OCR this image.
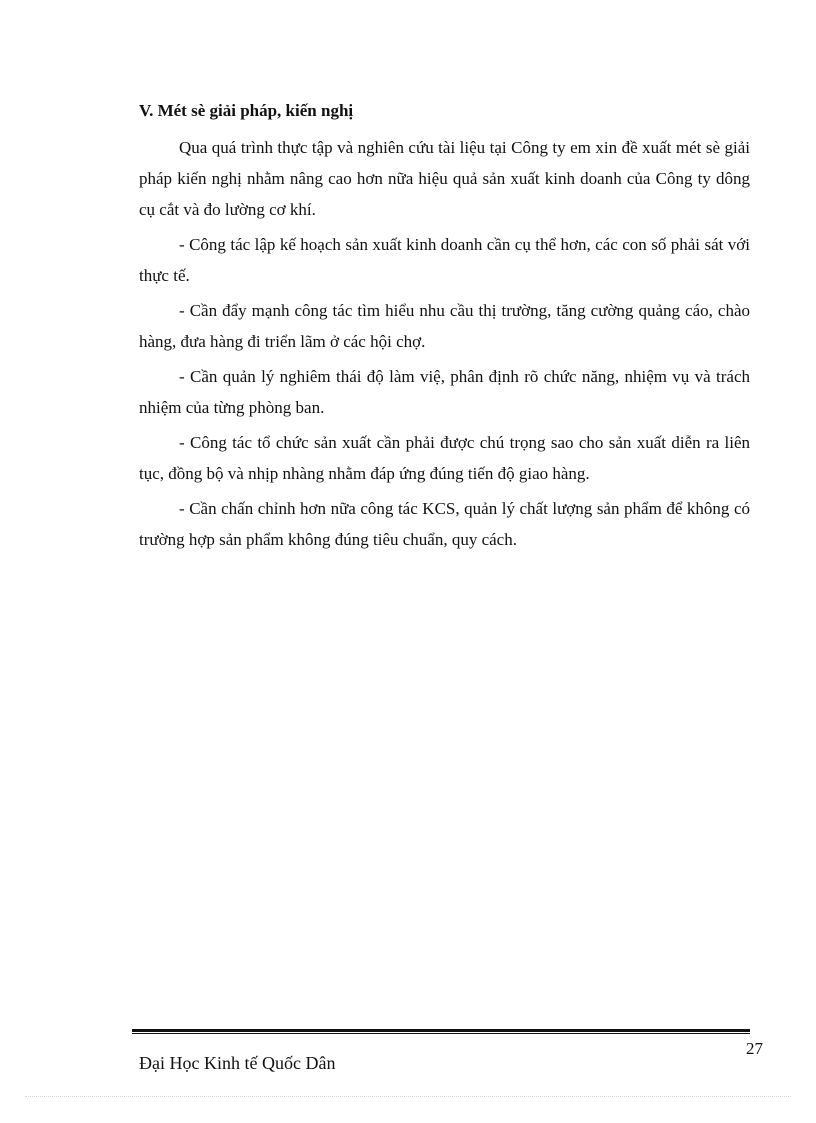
V. Mét sè giải pháp, kiến nghị

Qua quá trình thực tập và nghiên cứu tài liệu tại Công ty em xin đề xuất mét sè giải pháp kiến nghị nhằm nâng cao hơn nữa hiệu quả sản xuất kinh doanh của Công ty dông cụ cắt và đo lường cơ khí.

- Công tác lập kế hoạch sản xuất kinh doanh cần cụ thể hơn, các con số phải sát với thực tế.

- Cần đẩy mạnh công tác tìm hiểu nhu cầu thị trường, tăng cường quảng cáo, chào hàng, đưa hàng đi triển lãm ở các hội chợ.

- Cần quản lý nghiêm thái độ làm việ, phân định rõ chức năng, nhiệm vụ và trách nhiệm của từng phòng ban.

- Công tác tổ chức sản xuất cần phải được chú trọng sao cho sản xuất diễn ra liên tục, đồng bộ và nhịp nhàng nhằm đáp ứng đúng tiến độ giao hàng.

- Cần chấn chỉnh hơn nữa công tác KCS, quản lý chất lượng sản phẩm để không có trường hợp sản phẩm không đúng tiêu chuẩn, quy cách.

27
Đại Học Kinh tế Quốc Dân
